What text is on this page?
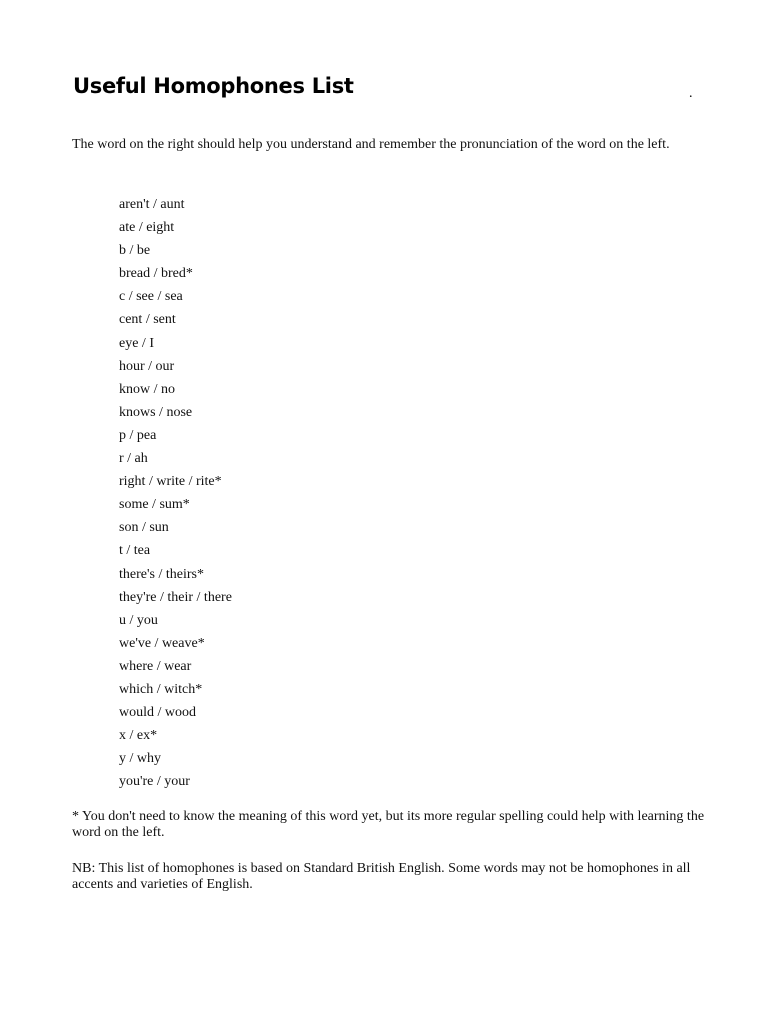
Useful Homophones List	.

The word on the right should help you understand and remember the pronunciation of the word on the left.

aren't / aunt
ate / eight
b / be
bread / bred*
c / see / sea
cent / sent
eye / I
hour / our
know / no
knows / nose
p / pea
r / ah
right / write / rite*
some / sum*
son / sun
t / tea
there's / theirs*
they're / their / there
u / you
we've / weave*
where / wear
which / witch*
would / wood
x / ex*
y / why
you're / your

* You don't need to know the meaning of this word yet, but its more regular spelling could help with learning the word on the left.

NB: This list of homophones is based on Standard British English. Some words may not be homophones in all accents and varieties of English.
